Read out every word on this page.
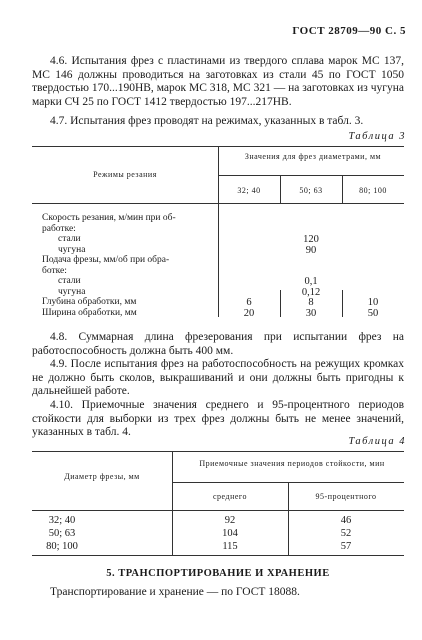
ГОСТ 28709—90 С. 5

4.6. Испытания фрез с пластинами из твердого сплава марок МС 137, МС 146 должны проводиться на заготовках из стали 45 по ГОСТ 1050 твердостью 170...190НВ, марок МС 318, МС 321 — на заготовках из чугуна марки СЧ 25 по ГОСТ 1412 твердостью 197...217НВ.

4.7. Испытания фрез проводят на режимах, указанных в табл. 3.

Таблица 3
Режимы резания
Значения для фрез диаметрами, мм
32; 40	50; 63	80; 100
Скорость резания, м/мин при об-
работке:
стали	120
чугуна	90
Подача фрезы, мм/об при обра-
ботке:
стали	0,1
чугуна	0,12
Глубина обработки, мм	6	8	10
Ширина обработки, мм	20	30	50

4.8. Суммарная длина фрезерования при испытании фрез на работоспособность должна быть 400 мм.

4.9. После испытания фрез на работоспособность на режущих кромках не должно быть сколов, выкрашиваний и они должны быть пригодны к дальнейшей работе.

4.10. Приемочные значения среднего и 95-процентного периодов стойкости для выборки из трех фрез должны быть не менее значений, указанных в табл. 4.

Таблица 4
Диаметр фрезы, мм
Приемочные значения периодов стойкости, мин
среднего	95-процентного
32; 40	92	46
50; 63	104	52
80; 100	115	57
5. ТРАНСПОРТИРОВАНИЕ И ХРАНЕНИЕ

Транспортирование и хранение — по ГОСТ 18088.
